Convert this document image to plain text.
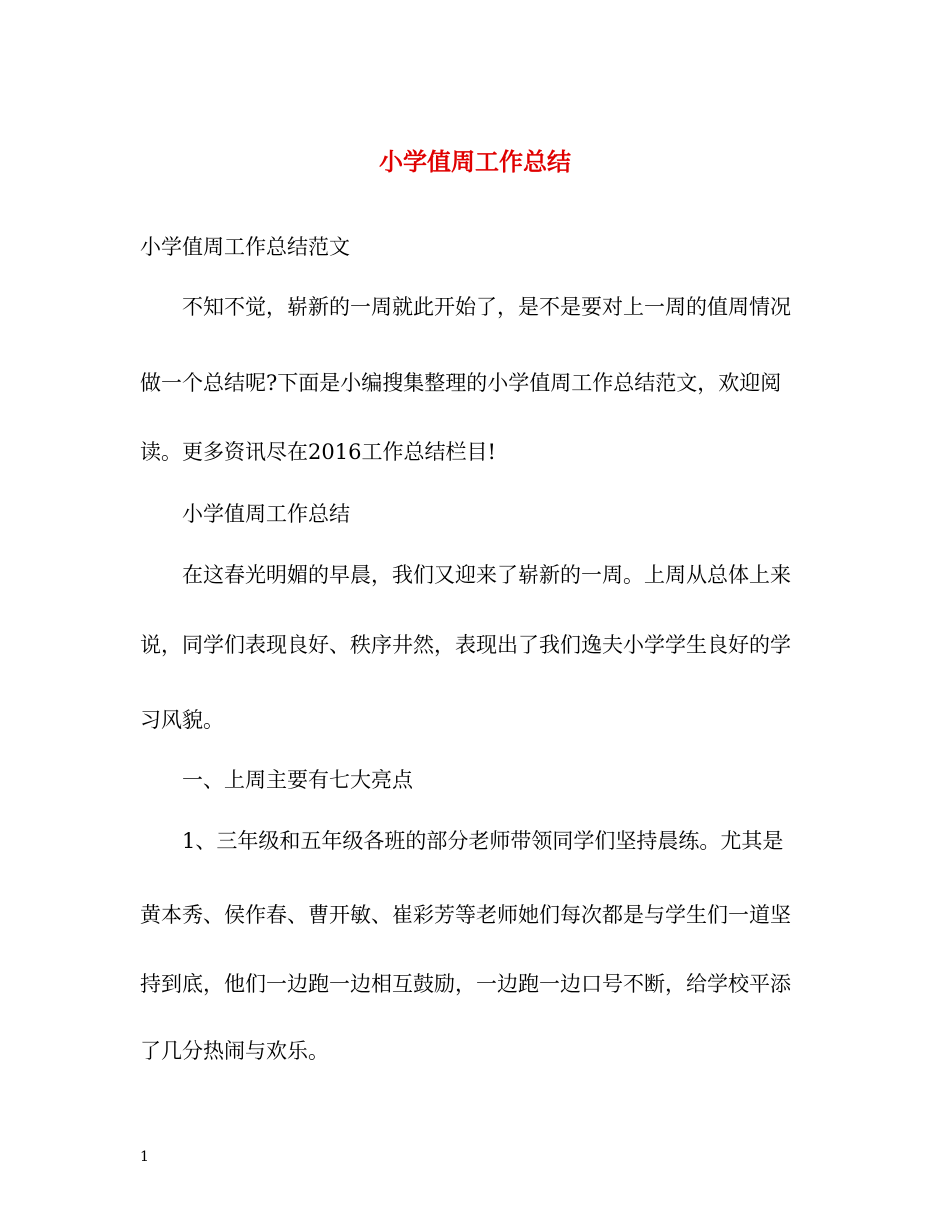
小学值周工作总结
小学值周工作总结范文
不知不觉，崭新的一周就此开始了，是不是要对上一周的值周情况
做一个总结呢?下面是小编搜集整理的小学值周工作总结范文，欢迎阅
读。更多资讯尽在2016工作总结栏目!
小学值周工作总结
在这春光明媚的早晨，我们又迎来了崭新的一周。上周从总体上来
说，同学们表现良好、秩序井然，表现出了我们逸夫小学学生良好的学
习风貌。
一、上周主要有七大亮点
1、三年级和五年级各班的部分老师带领同学们坚持晨练。尤其是
黄本秀、侯作春、曹开敏、崔彩芳等老师她们每次都是与学生们一道坚
持到底，他们一边跑一边相互鼓励，一边跑一边口号不断，给学校平添
了几分热闹与欢乐。
1
